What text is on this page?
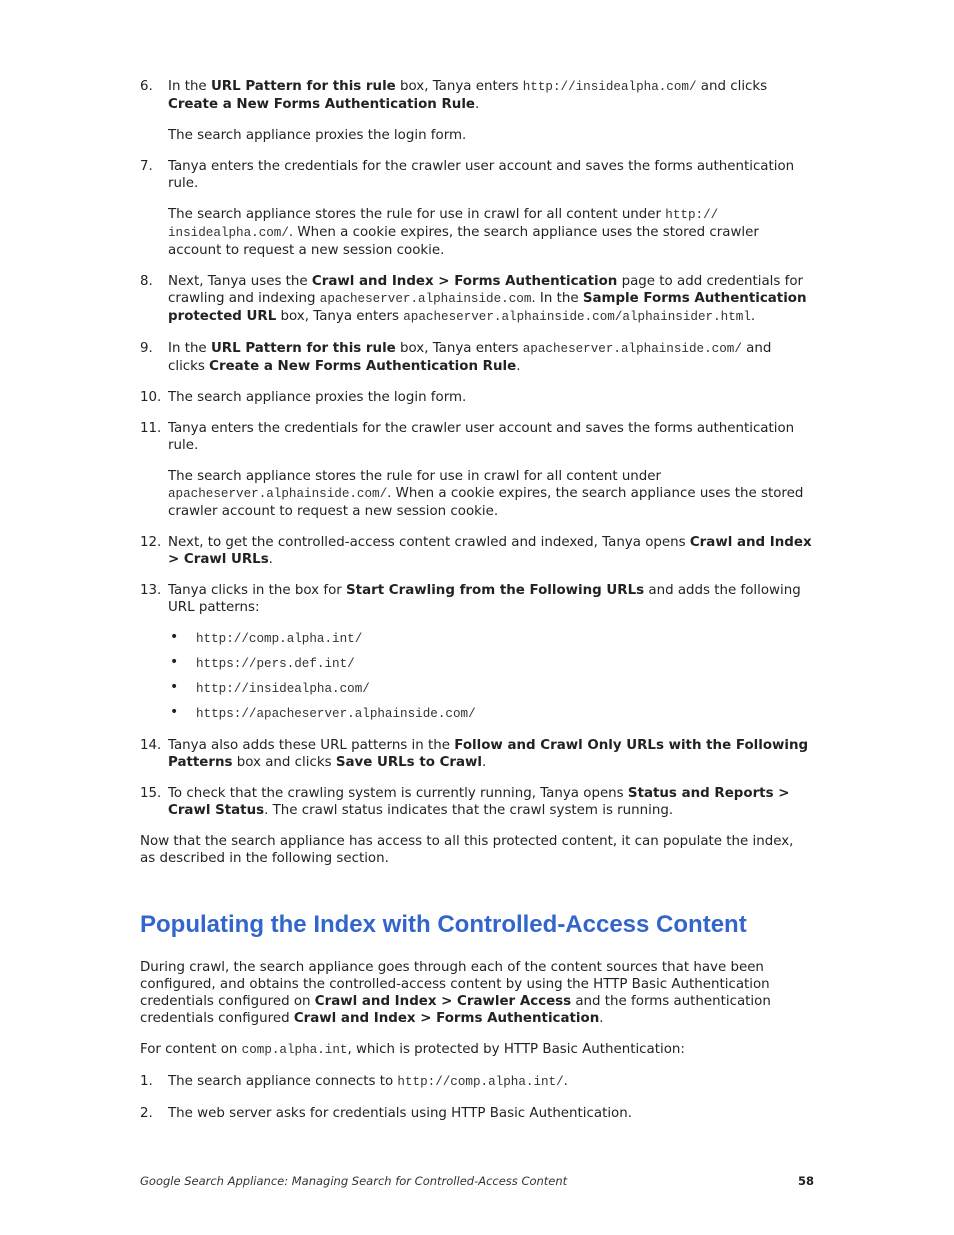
6. In the URL Pattern for this rule box, Tanya enters http://insidealpha.com/ and clicks Create a New Forms Authentication Rule.

The search appliance proxies the login form.

7. Tanya enters the credentials for the crawler user account and saves the forms authentication rule.

The search appliance stores the rule for use in crawl for all content under http:// insidealpha.com/. When a cookie expires, the search appliance uses the stored crawler account to request a new session cookie.

8. Next, Tanya uses the Crawl and Index > Forms Authentication page to add credentials for crawling and indexing apacheserver.alphainside.com. In the Sample Forms Authentication protected URL box, Tanya enters apacheserver.alphainside.com/alphainsider.html.

9. In the URL Pattern for this rule box, Tanya enters apacheserver.alphainside.com/ and clicks Create a New Forms Authentication Rule.

10. The search appliance proxies the login form.

11. Tanya enters the credentials for the crawler user account and saves the forms authentication rule.

The search appliance stores the rule for use in crawl for all content under apacheserver.alphainside.com/. When a cookie expires, the search appliance uses the stored crawler account to request a new session cookie.

12. Next, to get the controlled-access content crawled and indexed, Tanya opens Crawl and Index > Crawl URLs.

13. Tanya clicks in the box for Start Crawling from the Following URLs and adds the following URL patterns:

• http://comp.alpha.int/
• https://pers.def.int/
• http://insidealpha.com/
• https://apacheserver.alphainside.com/
14. Tanya also adds these URL patterns in the Follow and Crawl Only URLs with the Following Patterns box and clicks Save URLs to Crawl.

15. To check that the crawling system is currently running, Tanya opens Status and Reports > Crawl Status. The crawl status indicates that the crawl system is running.

Now that the search appliance has access to all this protected content, it can populate the index, as described in the following section.

Populating the Index with Controlled-Access Content

During crawl, the search appliance goes through each of the content sources that have been configured, and obtains the controlled-access content by using the HTTP Basic Authentication credentials configured on Crawl and Index > Crawler Access and the forms authentication credentials configured Crawl and Index > Forms Authentication.

For content on comp.alpha.int, which is protected by HTTP Basic Authentication:

1. The search appliance connects to http://comp.alpha.int/.

2. The web server asks for credentials using HTTP Basic Authentication.

Google Search Appliance: Managing Search for Controlled-Access Content	58
